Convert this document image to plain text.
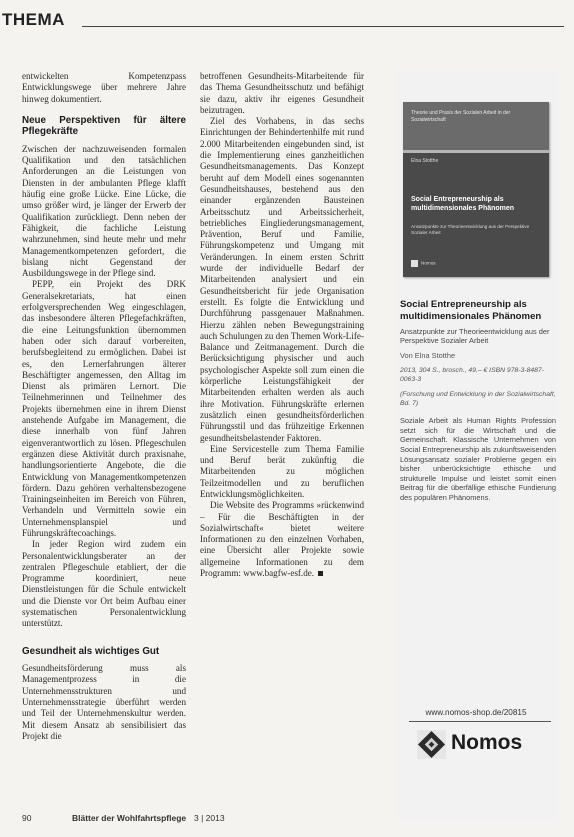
THEMA

entwickelten Kompetenzpass Entwicklungswege über mehrere Jahre hinweg dokumentiert.

Neue Perspektiven für ältere Pflegekräfte

Zwischen der nachzuweisenden formalen Qualifikation und den tatsächlichen Anforderungen an die Leistungen von Diensten in der ambulanten Pflege klafft häufig eine große Lücke. Eine Lücke, die umso größer wird, je länger der Erwerb der Qualifikation zurückliegt. Denn neben der Fähigkeit, die fachliche Leistung wahrzunehmen, sind heute mehr und mehr Managementkompetenzen gefordert, die bislang nicht Gegenstand der Ausbildungswege in der Pflege sind.

PEPP, ein Projekt des DRK Generalsekretariats, hat einen erfolgversprechenden Weg eingeschlagen, das insbesondere älteren Pflegefachkräften, die eine Leitungsfunktion übernommen haben oder sich darauf vorbereiten, berufsbegleitend zu ermöglichen. Dabei ist es, den Lernerfahrungen älterer Beschäftigter angemessen, den Alltag im Dienst als primären Lernort. Die Teilnehmerinnen und Teilnehmer des Projekts übernehmen eine in ihrem Dienst anstehende Aufgabe im Management, die diese innerhalb von fünf Jahren eigenverantwortlich zu lösen. Pflegeschulen ergänzen diese Aktivität durch praxisnahe, handlungsorientierte Angebote, die die Entwicklung von Managementkompetenzen fördern. Dazu gehören verhaltensbezogene Trainingseinheiten im Bereich von Führen, Verhandeln und Vermitteln sowie ein Unternehmensplanspiel und Führungskräftecoachings.

In jeder Region wird zudem ein Personalentwicklungsberater an der zentralen Pflegeschule etabliert, der die Programme koordiniert, neue Dienstleistungen für die Schule entwickelt und die Dienste vor Ort beim Aufbau einer systematischen Personalentwicklung unterstützt.

Gesundheit als wichtiges Gut

Gesundheitsförderung muss als Managementprozess in die Unternehmensstrukturen und Unternehmensstrategie überführt werden und Teil der Unternehmenskultur werden. Mit diesem Ansatz ab sensibilisiert das Projekt die

betroffenen Gesundheits-Mitarbeitende für das Thema Gesundheitsschutz und befähigt sie dazu, aktiv ihr eigenes Gesundheit beizutragen.

Ziel des Vorhabens, in das sechs Einrichtungen der Behindertenhilfe mit rund 2.000 Mitarbeitenden eingebunden sind, ist die Implementierung eines ganzheitlichen Gesundheitsmanagements. Das Konzept beruht auf dem Modell eines sogenannten Gesundheitshauses, bestehend aus den einander ergänzenden Bausteinen Arbeitsschutz und Arbeitssicherheit, betriebliches Eingliederungsmanagement, Prävention, Beruf und Familie, Führungskompetenz und Umgang mit Veränderungen. In einem ersten Schritt wurde der individuelle Bedarf der Mitarbeitenden analysiert und ein Gesundheitsbericht für jede Organisation erstellt. Es folgte die Entwicklung und Durchführung passgenauer Maßnahmen. Hierzu zählen neben Bewegungstraining auch Schulungen zu den Themen Work-Life-Balance und Zeitmanagement. Durch die Berücksichtigung physischer und auch psychologischer Aspekte soll zum einen die körperliche Leistungsfähigkeit der Mitarbeitenden erhalten werden als auch ihre Motivation. Führungskräfte erlernen zusätzlich einen gesundheitsförderlichen Führungsstil und das frühzeitige Erkennen gesundheitsbelastender Faktoren.

Eine Servicestelle zum Thema Familie und Beruf berät zukünftig die Mitarbeitenden zu möglichen Teilzeitmodellen und zu beruflichen Entwicklungsmöglichkeiten.

Die Website des Programms »rückenwind – Für die Beschäftigten in der Sozialwirtschaft« bietet weitere Informationen zu den einzelnen Vorhaben, eine Übersicht aller Projekte sowie allgemeine Informationen zu dem Programm: www.bagfw-esf.de.

Theorie und Praxis der Sozialen Arbeit in der Sozialwirtschaft
Elna Stotthe
Social Entrepreneurship als multidimensionales Phänomen
Ansatzpunkte zur Theorieentwicklung aus der Perspektive Sozialer Arbeit
Nomos
Social Entrepreneurship als multidimensionales Phänomen
Ansatzpunkte zur Theorieentwicklung aus der Perspektive Sozialer Arbeit
Von Elna Stotthe
2013, 304 S., brosch., 49,– € ISBN 978-3-8487-0063-3
(Forschung und Entwicklung in der Sozialwirtschaft, Bd. 7)
Soziale Arbeit als Human Rights Profession setzt sich für die Wirtschaft und die Gemeinschaft. Klassische Unternehmen von Social Entrepreneurship als zukunftsweisenden Lösungsansatz sozialer Probleme gegen ein bisher unberücksichtigte ethische und strukturelle Impulse und leistet somit einen Beitrag für die überfällige ethische Fundierung des populären Phänomens.
www.nomos-shop.de/20815
Nomos
90	Blätter der Wohlfahrtspflege 3 | 2013
